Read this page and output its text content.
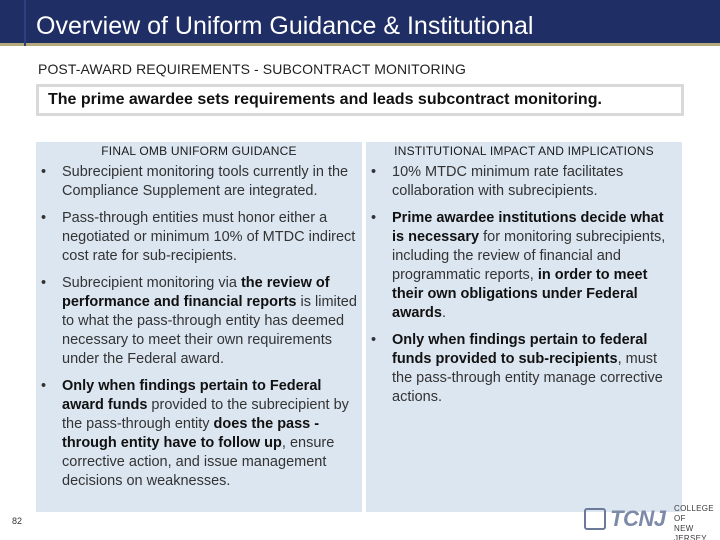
Overview of Uniform Guidance & Institutional
POST-AWARD REQUIREMENTS - SUBCONTRACT MONITORING
The prime awardee sets requirements and leads subcontract monitoring.
FINAL OMB UNIFORM GUIDANCE	INSTITUTIONAL IMPACT AND IMPLICATIONS
• Subrecipient monitoring tools currently in the Compliance Supplement are integrated.
• Pass-through entities must honor either a negotiated or minimum 10% of MTDC indirect cost rate for sub-recipients.
• Subrecipient monitoring via the review of performance and financial reports is limited to what the pass-through entity has deemed necessary to meet their own requirements under the Federal award.
• Only when findings pertain to Federal award funds provided to the subrecipient by the pass-through entity does the pass -through entity have to follow up, ensure corrective action, and issue management decisions on weaknesses.
• 10% MTDC minimum rate facilitates collaboration with subrecipients.
• Prime awardee institutions decide what is necessary for monitoring subrecipients, including the review of financial and programmatic reports, in order to meet their own obligations under Federal awards.
• Only when findings pertain to federal funds provided to sub-recipients, must the pass-through entity manage corrective actions.
82	TCNJ COLLEGE OF
NEW JERSEY
